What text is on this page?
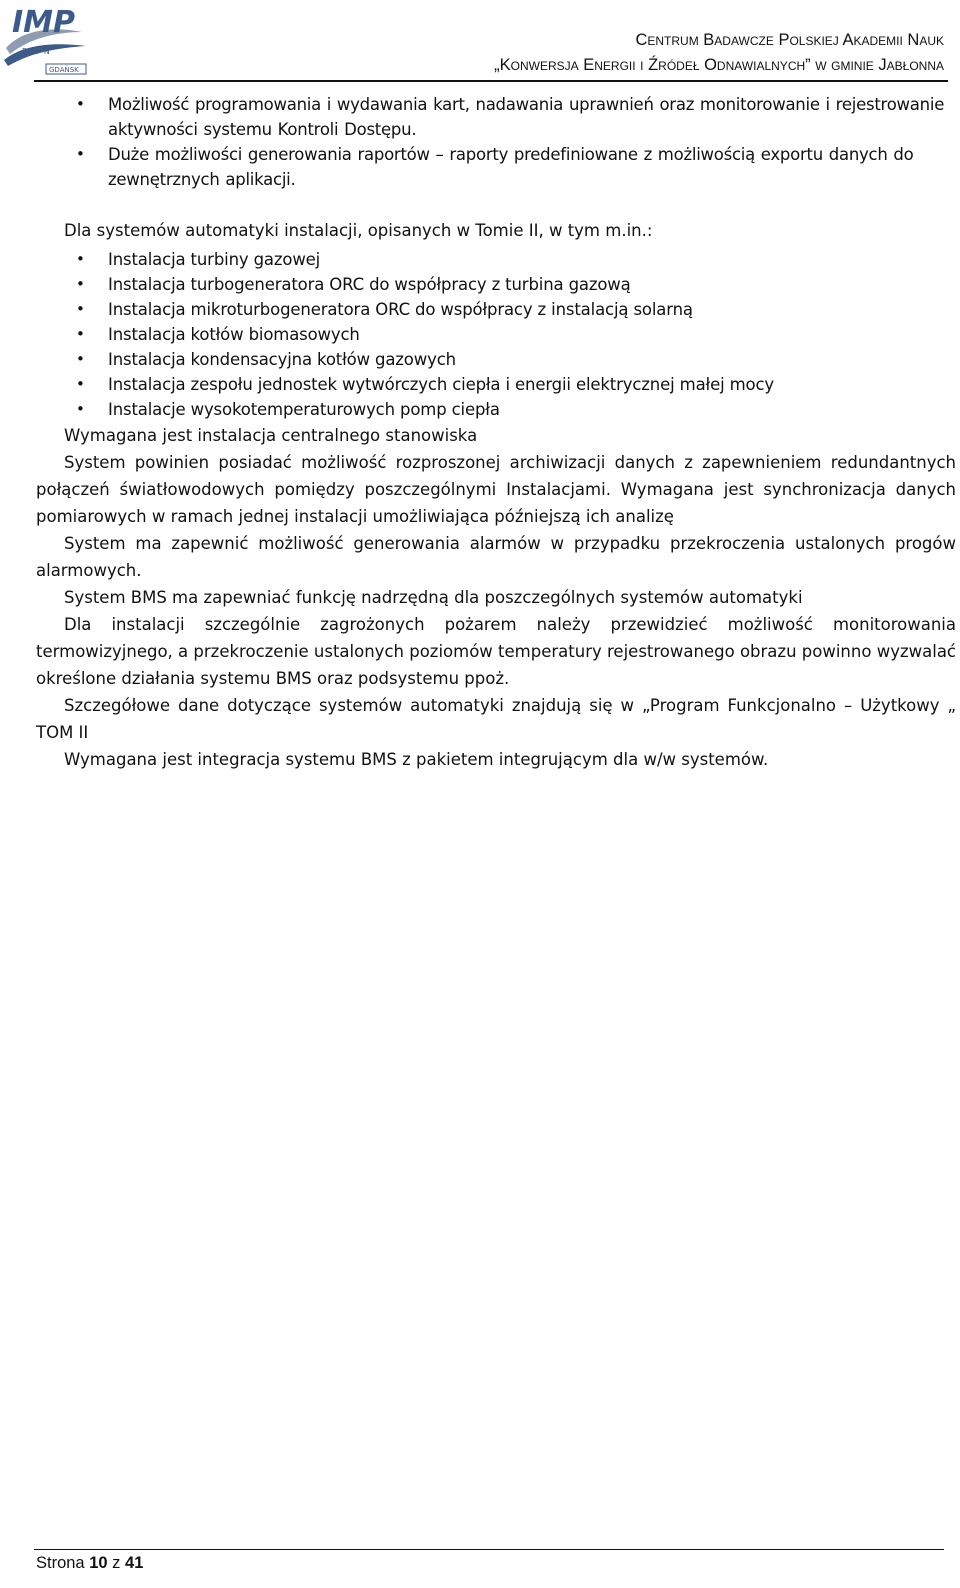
IMP
PAN
GDAŃSK
Centrum Badawcze Polskiej Akademii Nauk
„Konwersja Energii i Źródeł Odnawialnych” w gminie Jabłonna
• Możliwość programowania i wydawania kart, nadawania uprawnień oraz monitorowanie i rejestrowanie aktywności systemu Kontroli Dostępu.
• Duże możliwości generowania raportów – raporty predefiniowane z możliwością exportu danych do zewnętrznych aplikacji.

Dla systemów automatyki instalacji, opisanych w Tomie II, w tym m.in.:

• Instalacja turbiny gazowej
• Instalacja turbogeneratora ORC do współpracy z turbina gazową
• Instalacja mikroturbogeneratora ORC do współpracy z instalacją solarną
• Instalacja kotłów biomasowych
• Instalacja kondensacyjna kotłów gazowych
• Instalacja zespołu jednostek wytwórczych ciepła i energii elektrycznej małej mocy
• Instalacje wysokotemperaturowych pomp ciepła

Wymagana jest instalacja centralnego stanowiska

System powinien posiadać możliwość rozproszonej archiwizacji danych z zapewnieniem redundantnych połączeń światłowodowych pomiędzy poszczególnymi Instalacjami. Wymagana jest synchronizacja danych pomiarowych w ramach jednej instalacji umożliwiająca późniejszą ich analizę

System ma zapewnić możliwość generowania alarmów w przypadku przekroczenia ustalonych progów alarmowych.

System BMS ma zapewniać funkcję nadrzędną dla poszczególnych systemów automatyki

Dla instalacji szczególnie zagrożonych pożarem należy przewidzieć możliwość monitorowania termowizyjnego, a przekroczenie ustalonych poziomów temperatury rejestrowanego obrazu powinno wyzwalać określone działania systemu BMS oraz podsystemu ppoż.

Szczegółowe dane dotyczące systemów automatyki znajdują się w „Program Funkcjonalno – Użytkowy „ TOM II

Wymagana jest integracja systemu BMS z pakietem integrującym dla w/w systemów.

Strona 10 z 41
